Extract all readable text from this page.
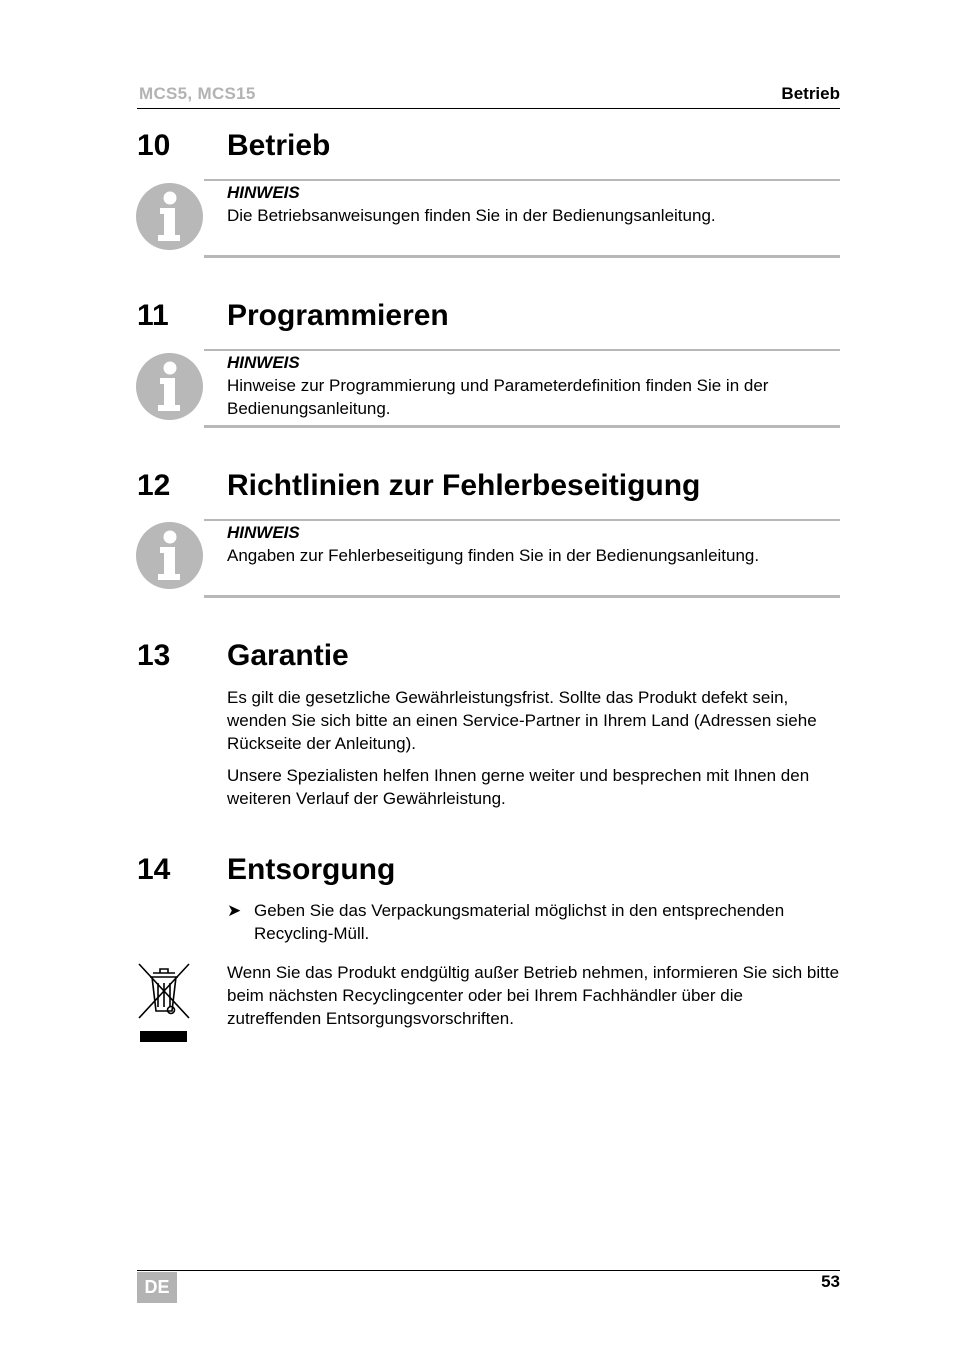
MCS5, MCS15	Betrieb
10 Betrieb
HINWEIS
Die Betriebsanweisungen finden Sie in der Bedienungsanleitung.
11 Programmieren
HINWEIS
Hinweise zur Programmierung und Parameterdefinition finden Sie in der Bedienungsanleitung.
12 Richtlinien zur Fehlerbeseitigung
HINWEIS
Angaben zur Fehlerbeseitigung finden Sie in der Bedienungsanleitung.
13 Garantie
Es gilt die gesetzliche Gewährleistungsfrist. Sollte das Produkt defekt sein, wenden Sie sich bitte an einen Service-Partner in Ihrem Land (Adressen siehe Rückseite der Anleitung).
Unsere Spezialisten helfen Ihnen gerne weiter und besprechen mit Ihnen den weiteren Verlauf der Gewährleistung.
14 Entsorgung
➤ Geben Sie das Verpackungsmaterial möglichst in den entsprechenden Recycling-Müll.
Wenn Sie das Produkt endgültig außer Betrieb nehmen, informieren Sie sich bitte beim nächsten Recyclingcenter oder bei Ihrem Fachhändler über die zutreffenden Entsorgungsvorschriften.
DE	53
